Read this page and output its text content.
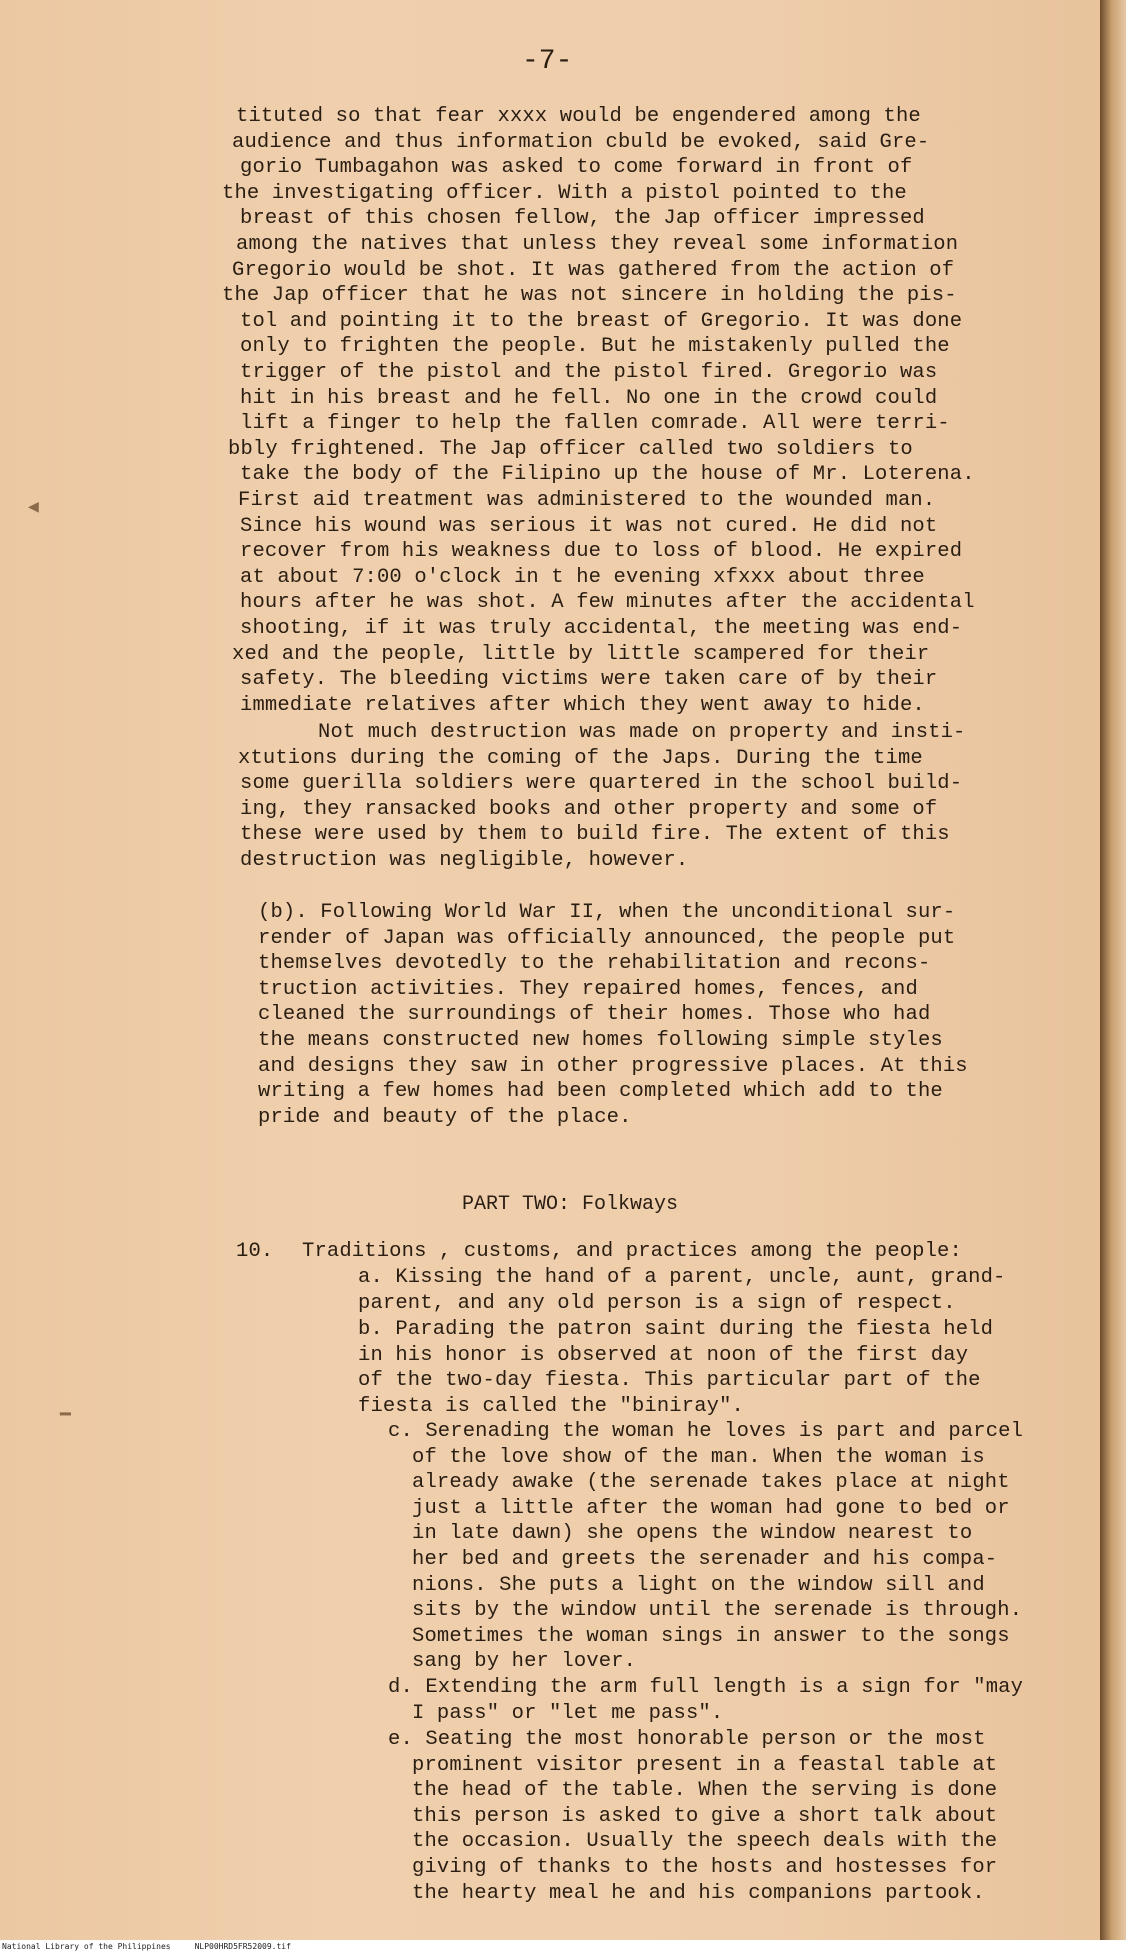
◀
━
-7-
tituted so that fear xxxx would be engendered among the
audience and thus information cbuld be evoked, said Gre-
gorio Tumbagahon was asked to come forward in front of
the investigating officer. With a pistol pointed to the
breast of this chosen fellow, the Jap officer impressed
among the natives that unless they reveal some information
Gregorio would be shot. It was gathered from the action of
the Jap officer that he was not sincere in holding the pis-
tol and pointing it to the breast of Gregorio. It was done
only to frighten the people. But he mistakenly pulled the
trigger of the pistol and the pistol fired. Gregorio was
hit in his breast and he fell. No one in the crowd could
lift a finger to help the fallen comrade. All were terri-
bbly frightened. The Jap officer called two soldiers to
take the body of the Filipino up the house of Mr. Loterena.
First aid treatment was administered to the wounded man.
Since his wound was serious it was not cured. He did not
recover from his weakness due to loss of blood. He expired
at about 7:00 o'clock in t he evening xfxxx about three
hours after he was shot. A few minutes after the accidental
shooting, if it was truly accidental, the meeting was end-
xed and the people, little by little scampered for their
safety. The bleeding victims were taken care of by their
immediate relatives after which they went away to hide.
Not much destruction was made on property and insti-
xtutions during the coming of the Japs. During the time
some guerilla soldiers were quartered in the school build-
ing, they ransacked books and other property and some of
these were used by them to build fire. The extent of this
destruction was negligible, however.
(b). Following World War II, when the unconditional sur-
render of Japan was officially announced, the people put
themselves devotedly to the rehabilitation and recons-
truction activities. They repaired homes, fences, and
cleaned the surroundings of their homes. Those who had
the means constructed new homes following simple styles
and designs they saw in other progressive places. At this
writing a few homes had been completed which add to the
pride and beauty of the place.
PART TWO: Folkways
10. Traditions , customs, and practices among the people:
a. Kissing the hand of a parent, uncle, aunt, grand-
parent, and any old person is a sign of respect.
b. Parading the patron saint during the fiesta held
in his honor is observed at noon of the first day
of the two-day fiesta. This particular part of the
fiesta is called the "biniray".
c. Serenading the woman he loves is part and parcel
of the love show of the man. When the woman is
already awake (the serenade takes place at night
just a little after the woman had gone to bed or
in late dawn) she opens the window nearest to
her bed and greets the serenader and his compa-
nions. She puts a light on the window sill and
sits by the window until the serenade is through.
Sometimes the woman sings in answer to the songs
sang by her lover.
d. Extending the arm full length is a sign for "may
I pass" or "let me pass".
e. Seating the most honorable person or the most
prominent visitor present in a feastal table at
the head of the table. When the serving is done
this person is asked to give a short talk about
the occasion. Usually the speech deals with the
giving of thanks to the hosts and hostesses for
the hearty meal he and his companions partook.
National Library of the Philippines	NLP00HRD5FR52009.tif
